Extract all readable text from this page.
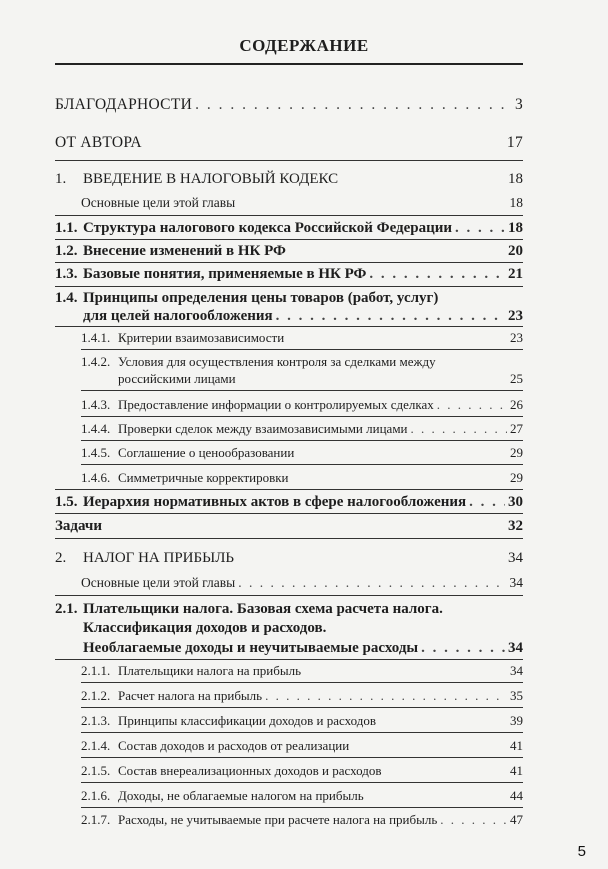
СОДЕРЖАНИЕ
БЛАГОДАРНОСТИ . . .	3
ОТ АВТОРА	17
1.	ВВЕДЕНИЕ В НАЛОГОВЫЙ КОДЕКС	18
Основные цели этой главы	18
1.1. Структура налогового кодекса Российской Федерации . . .	18
1.2. Внесение изменений в НК РФ	20
1.3. Базовые понятия, применяемые в НК РФ . . .	21
1.4. Принципы определения цены товаров (работ, услуг)
для целей налогообложения . . .	23
1.4.1. Критерии взаимозависимости	23
1.4.2. Условия для осуществления контроля за сделками между
российскими лицами	25
1.4.3. Предоставление информации о контролируемых сделках . . .	26
1.4.4. Проверки сделок между взаимозависимыми лицами . . .	27
1.4.5. Соглашение о ценообразовании	29
1.4.6. Симметричные корректировки	29
1.5. Иерархия нормативных актов в сфере налогообложения . . .	30
Задачи	32
2.	НАЛОГ НА ПРИБЫЛЬ	34
Основные цели этой главы . . .	34
2.1. Плательщики налога. Базовая схема расчета налога.
Классификация доходов и расходов.
Необлагаемые доходы и неучитываемые расходы . . .	34
2.1.1. Плательщики налога на прибыль	34
2.1.2. Расчет налога на прибыль . . .	35
2.1.3. Принципы классификации доходов и расходов	39
2.1.4. Состав доходов и расходов от реализации	41
2.1.5. Состав внереализационных доходов и расходов	41
2.1.6. Доходы, не облагаемые налогом на прибыль	44
2.1.7. Расходы, не учитываемые при расчете налога на прибыль . . .	47
5
